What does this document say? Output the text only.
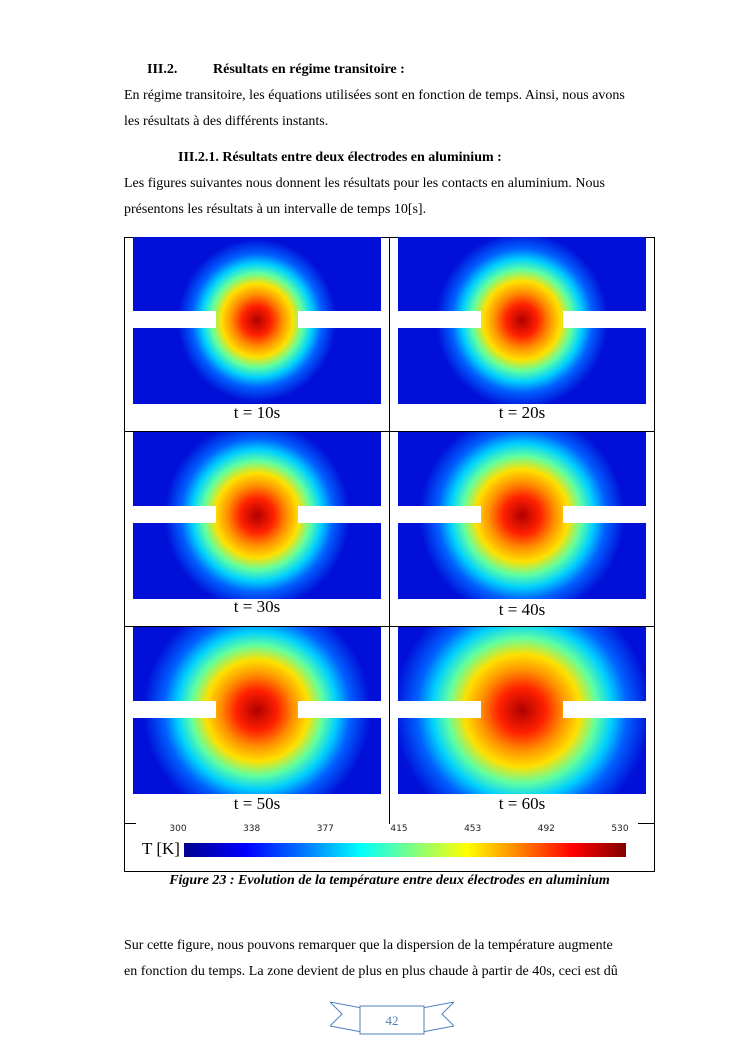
III.2.	Résultats en régime transitoire :
En régime transitoire, les équations utilisées sont en fonction de temps. Ainsi, nous avons
les résultats à des différents instants.
III.2.1. Résultats entre deux électrodes en aluminium :
Les figures suivantes nous donnent les résultats pour les contacts en aluminium. Nous
présentons les résultats à un intervalle de temps 10[s].
t = 10s	t = 20s
t = 30s	t = 40s
t = 50s	t = 60s
300	338	377	415	453	492	530
T [K]
Figure 23 : Evolution de la température entre deux électrodes en aluminium
Sur cette figure, nous pouvons remarquer que la dispersion de la température augmente
en fonction du temps. La zone devient de plus en plus chaude à partir de 40s, ceci est dû
42
